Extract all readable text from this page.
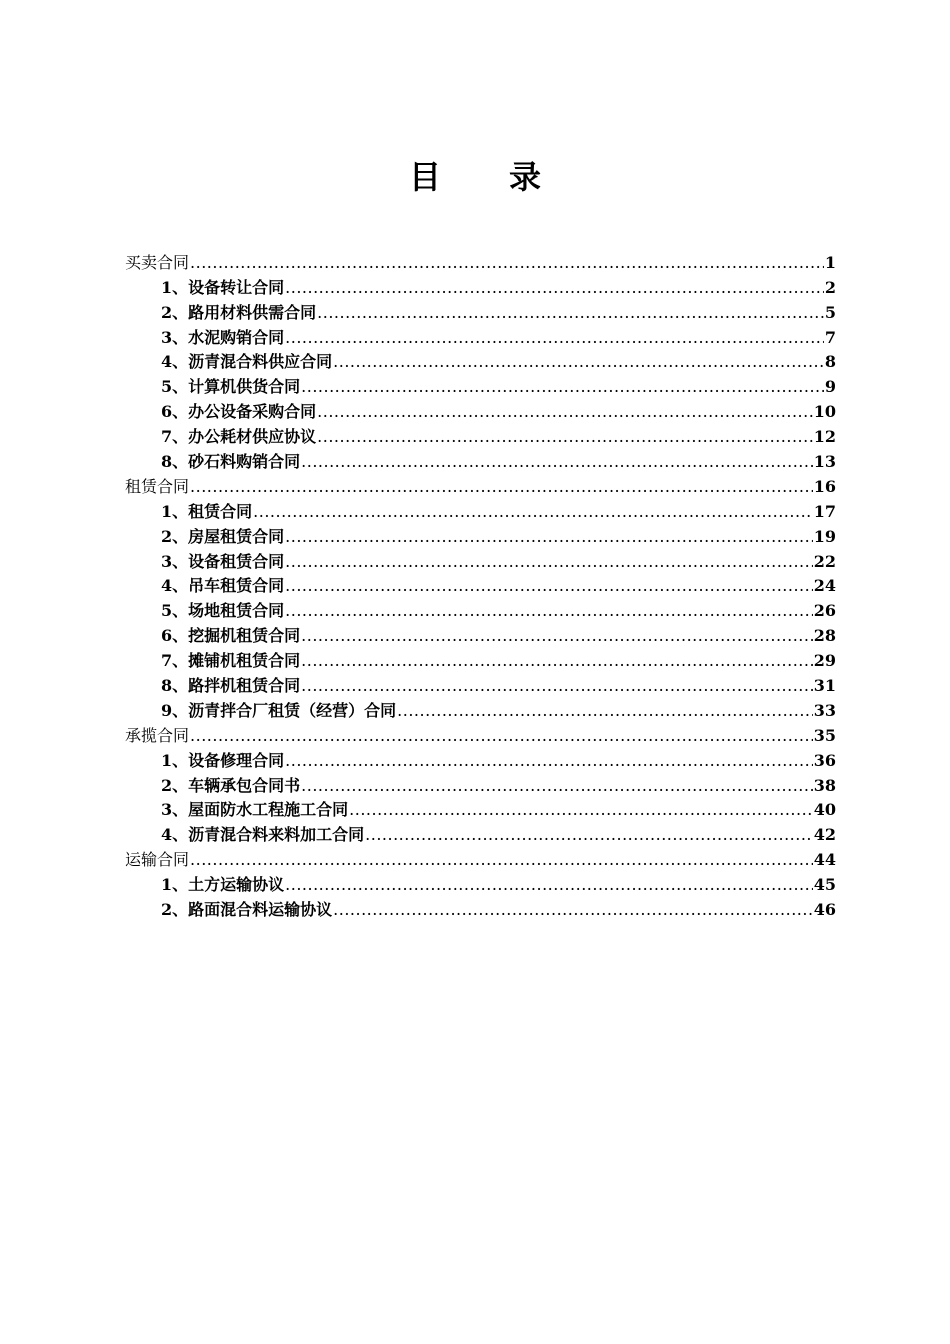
目 录
买卖合同 .....	1
1、设备转让合同 .....	2
2、路用材料供需合同 .....	5
3、水泥购销合同 .....	7
4、沥青混合料供应合同 .....	8
5、计算机供货合同 .....	9
6、办公设备采购合同 .....	10
7、办公耗材供应协议 .....	12
8、砂石料购销合同 .....	13
租赁合同 .....	16
1、租赁合同 .....	17
2、房屋租赁合同 .....	19
3、设备租赁合同 .....	22
4、吊车租赁合同 .....	24
5、场地租赁合同 .....	26
6、挖掘机租赁合同 .....	28
7、摊铺机租赁合同 .....	29
8、路拌机租赁合同 .....	31
9、沥青拌合厂租赁（经营）合同 .....	33
承揽合同 .....	35
1、设备修理合同 .....	36
2、车辆承包合同书 .....	38
3、屋面防水工程施工合同 .....	40
4、沥青混合料来料加工合同 .....	42
运输合同 .....	44
1、土方运输协议 .....	45
2、路面混合料运输协议 .....	46
